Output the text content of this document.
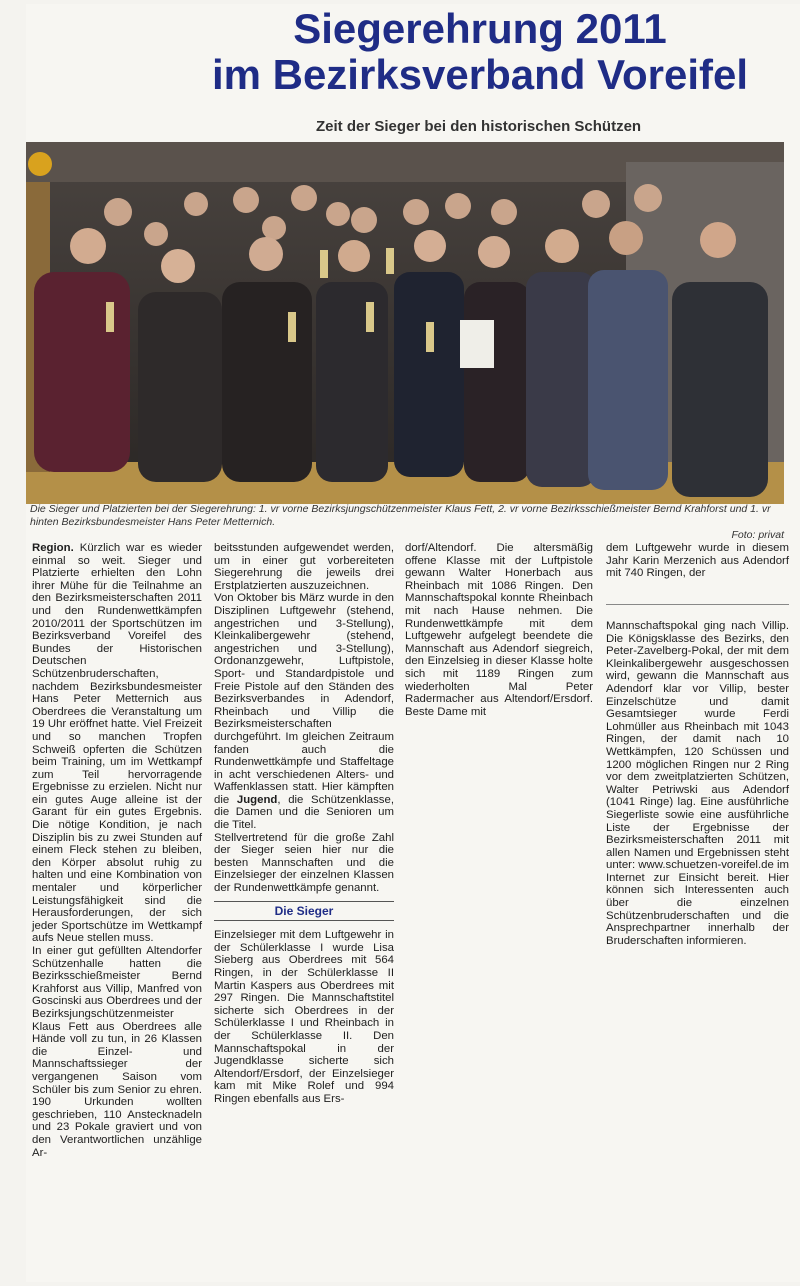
Siegerehrung 2011
im Bezirksverband Voreifel
Zeit der Sieger bei den historischen Schützen
Die Sieger und Platzierten bei der Siegerehrung: 1. vr vorne Bezirksjungschützenmeister Klaus Fett, 2. vr vorne Bezirksschießmeister Bernd Krahforst und 1. vr hinten Bezirksbundesmeister Hans Peter Metternich.
Foto: privat

Region. Kürzlich war es wieder einmal so weit. Sieger und Platzierte erhielten den Lohn ihrer Mühe für die Teilnahme an den Bezirksmeisterschaften 2011 und den Rundenwettkämpfen 2010/2011 der Sportschützen im Bezirksverband Voreifel des Bundes der Historischen Deutschen Schützenbruderschaften, nachdem Bezirksbundesmeister Hans Peter Metternich aus Oberdrees die Veranstaltung um 19 Uhr eröffnet hatte. Viel Freizeit und so manchen Tropfen Schweiß opferten die Schützen beim Training, um im Wettkampf zum Teil hervorragende Ergebnisse zu erzielen. Nicht nur ein gutes Auge alleine ist der Garant für ein gutes Ergebnis. Die nötige Kondition, je nach Disziplin bis zu zwei Stunden auf einem Fleck stehen zu bleiben, den Körper absolut ruhig zu halten und eine Kombination von mentaler und körperlicher Leistungsfähigkeit sind die Herausforderungen, der sich jeder Sportschütze im Wettkampf aufs Neue stellen muss.

In einer gut gefüllten Altendorfer Schützenhalle hatten die Bezirksschießmeister Bernd Krahforst aus Villip, Manfred von Goscinski aus Oberdrees und der Bezirksjungschützenmeister Klaus Fett aus Oberdrees alle Hände voll zu tun, in 26 Klassen die Einzel- und Mannschaftssieger der vergangenen Saison vom Schüler bis zum Senior zu ehren. 190 Urkunden wollten geschrieben, 110 Anstecknadeln und 23 Pokale graviert und von den Verantwortlichen unzählige Ar-

beitsstunden aufgewendet werden, um in einer gut vorbereiteten Siegerehrung die jeweils drei Erstplatzierten auszuzeichnen.

Von Oktober bis März wurde in den Disziplinen Luftgewehr (stehend, angestrichen und 3-Stellung), Kleinkalibergewehr (stehend, angestrichen und 3-Stellung), Ordonanzgewehr, Luftpistole, Sport- und Standardpistole und Freie Pistole auf den Ständen des Bezirksverbandes in Adendorf, Rheinbach und Villip die Bezirksmeisterschaften durchgeführt. Im gleichen Zeitraum fanden auch die Rundenwettkämpfe und Staffeltage in acht verschiedenen Alters- und Waffenklassen statt. Hier kämpften die Jugend, die Schützenklasse, die Damen und die Senioren um die Titel.

Stellvertretend für die große Zahl der Sieger seien hier nur die besten Mannschaften und die Einzelsieger der einzelnen Klassen der Rundenwettkämpfe genannt.

Die Sieger

Einzelsieger mit dem Luftgewehr in der Schülerklasse I wurde Lisa Sieberg aus Oberdrees mit 564 Ringen, in der Schülerklasse II Martin Kaspers aus Oberdrees mit 297 Ringen. Die Mannschaftstitel sicherte sich Oberdrees in der Schülerklasse I und Rheinbach in der Schülerklasse II. Den Mannschaftspokal in der Jugendklasse sicherte sich Altendorf/Ersdorf, der Einzelsieger kam mit Mike Rolef und 994 Ringen ebenfalls aus Ers-

dorf/Altendorf. Die altersmäßig offene Klasse mit der Luftpistole gewann Walter Honerbach aus Rheinbach mit 1086 Ringen. Den Mannschaftspokal konnte Rheinbach mit nach Hause nehmen. Die Rundenwettkämpfe mit dem Luftgewehr aufgelegt beendete die Mannschaft aus Adendorf siegreich, den Einzelsieg in dieser Klasse holte sich mit 1189 Ringen zum wiederholten Mal Peter Radermacher aus Altendorf/Ersdorf. Beste Dame mit

dem Luftgewehr wurde in diesem Jahr Karin Merzenich aus Adendorf mit 740 Ringen, der

Mannschaftspokal ging nach Villip. Die Königsklasse des Bezirks, den Peter-Zavelberg-Pokal, der mit dem Kleinkalibergewehr ausgeschossen wird, gewann die Mannschaft aus Adendorf klar vor Villip, bester Einzelschütze und damit Gesamtsieger wurde Ferdi Lohmüller aus Rheinbach mit 1043 Ringen, der damit nach 10 Wettkämpfen, 120 Schüssen und 1200 möglichen Ringen nur 2 Ring vor dem zweitplatzierten Schützen, Walter Petriwski aus Adendorf (1041 Ringe) lag. Eine ausführliche Siegerliste sowie eine ausführliche Liste der Ergebnisse der Bezirksmeisterschaften 2011 mit allen Namen und Ergebnissen steht unter: www.schuetzen-voreifel.de im Internet zur Einsicht bereit. Hier können sich Interessenten auch über die einzelnen Schützenbruderschaften und die Ansprechpartner innerhalb der Bruderschaften informieren.
